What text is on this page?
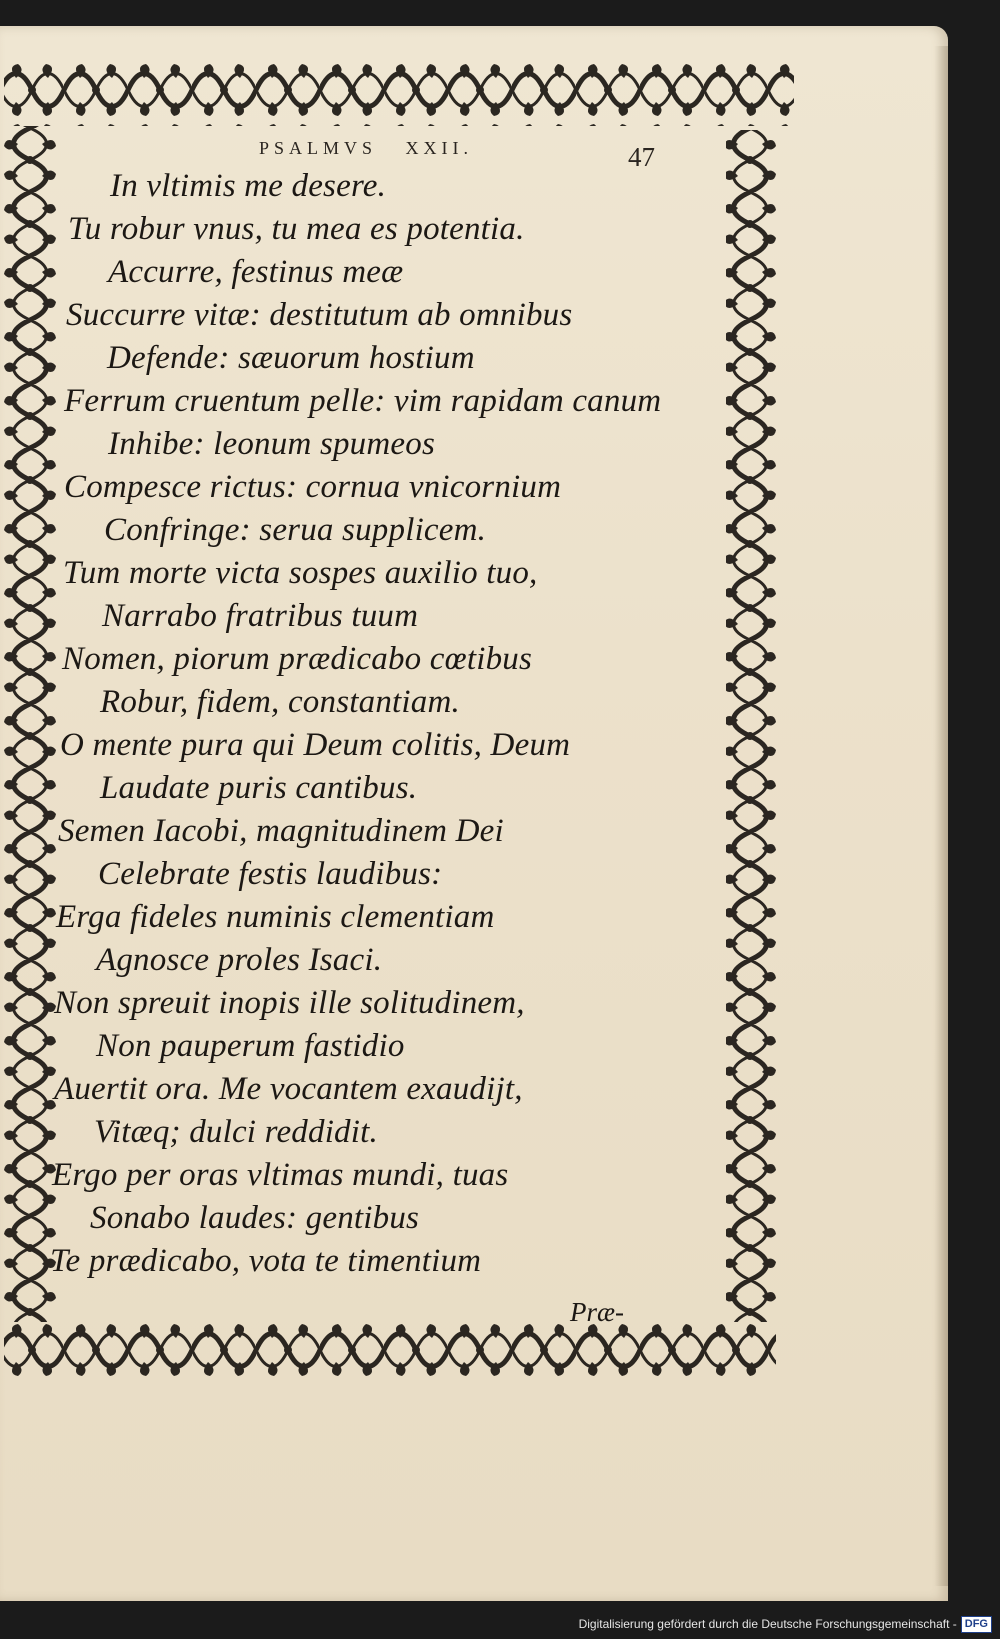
PSALMVS   XXII.	47
In vltimis me desere.
Tu robur vnus, tu mea es potentia.
Accurre, festinus meæ
Succurre vitæ: destitutum ab omnibus
Defende: sæuorum hostium
Ferrum cruentum pelle: vim rapidam canum
Inhibe: leonum spumeos
Compesce rictus: cornua vnicornium
Confringe: serua supplicem.
Tum morte victa sospes auxilio tuo,
Narrabo fratribus tuum
Nomen, piorum prædicabo cœtibus
Robur, fidem, constantiam.
O mente pura qui Deum colitis, Deum
Laudate puris cantibus.
Semen Iacobi, magnitudinem Dei
Celebrate festis laudibus:
Erga fideles numinis clementiam
Agnosce proles Isaci.
Non spreuit inopis ille solitudinem,
Non pauperum fastidio
Auertit ora. Me vocantem exaudijt,
Vitæq; dulci reddidit.
Ergo per oras vltimas mundi, tuas
Sonabo laudes: gentibus
Te prædicabo, vota te timentium
Præ-
Digitalisierung gefördert durch die Deutsche Forschungsgemeinschaft - DFG
